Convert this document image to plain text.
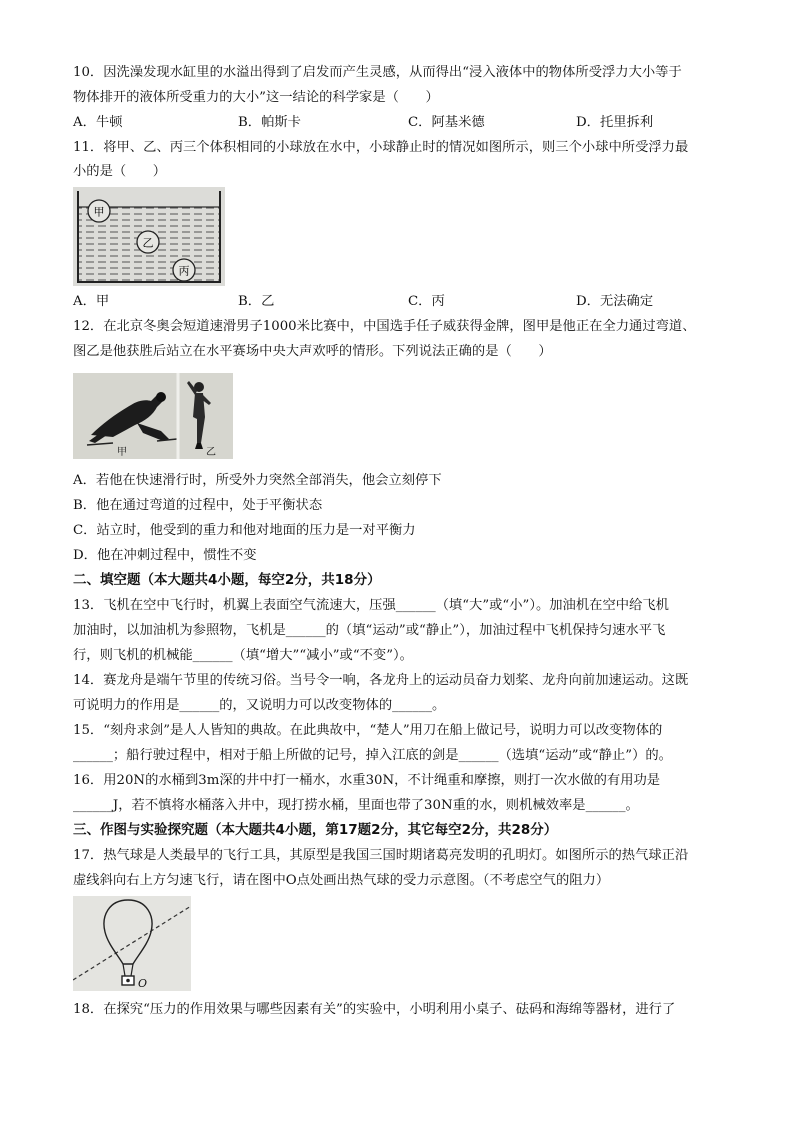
10．因洗澡发现水缸里的水溢出得到了启发而产生灵感，从而得出“浸入液体中的物体所受浮力大小等于
物体排开的液体所受重力的大小”这一结论的科学家是（　　）
A．牛顿	B．帕斯卡	C．阿基米德	D．托里拆利
11．将甲、乙、丙三个体积相同的小球放在水中，小球静止时的情况如图所示，则三个小球中所受浮力最
小的是（　　）
甲
乙
丙
A．甲	B．乙	C．丙	D．无法确定
12．在北京冬奥会短道速滑男子1000米比赛中，中国选手任子威获得金牌，图甲是他正在全力通过弯道、
图乙是他获胜后站立在水平赛场中央大声欢呼的情形。下列说法正确的是（　　）
甲	乙
A．若他在快速滑行时，所受外力突然全部消失，他会立刻停下
B．他在通过弯道的过程中，处于平衡状态
C．站立时，他受到的重力和他对地面的压力是一对平衡力
D．他在冲刺过程中，惯性不变
二、填空题（本大题共4小题，每空2分，共18分）
13．飞机在空中飞行时，机翼上表面空气流速大，压强______（填“大”或“小”）。加油机在空中给飞机
加油时，以加油机为参照物，飞机是______的（填“运动”或“静止”），加油过程中飞机保持匀速水平飞
行，则飞机的机械能______（填“增大”“减小”或“不变”）。
14．赛龙舟是端午节里的传统习俗。当号令一响，各龙舟上的运动员奋力划桨、龙舟向前加速运动。这既
可说明力的作用是______的，又说明力可以改变物体的______。
15．“刻舟求剑”是人人皆知的典故。在此典故中，“楚人”用刀在船上做记号，说明力可以改变物体的
______；船行驶过程中，相对于船上所做的记号，掉入江底的剑是______（选填“运动”或“静止”）的。
16．用20N的水桶到3m深的井中打一桶水，水重30N，不计绳重和摩擦，则打一次水做的有用功是
______J，若不慎将水桶落入井中，现打捞水桶，里面也带了30N重的水，则机械效率是______。
三、作图与实验探究题（本大题共4小题，第17题2分，其它每空2分，共28分）
17．热气球是人类最早的飞行工具，其原型是我国三国时期诸葛亮发明的孔明灯。如图所示的热气球正沿
虚线斜向右上方匀速飞行，请在图中O点处画出热气球的受力示意图。（不考虑空气的阻力）
O
18．在探究“压力的作用效果与哪些因素有关”的实验中，小明利用小桌子、砝码和海绵等器材，进行了
